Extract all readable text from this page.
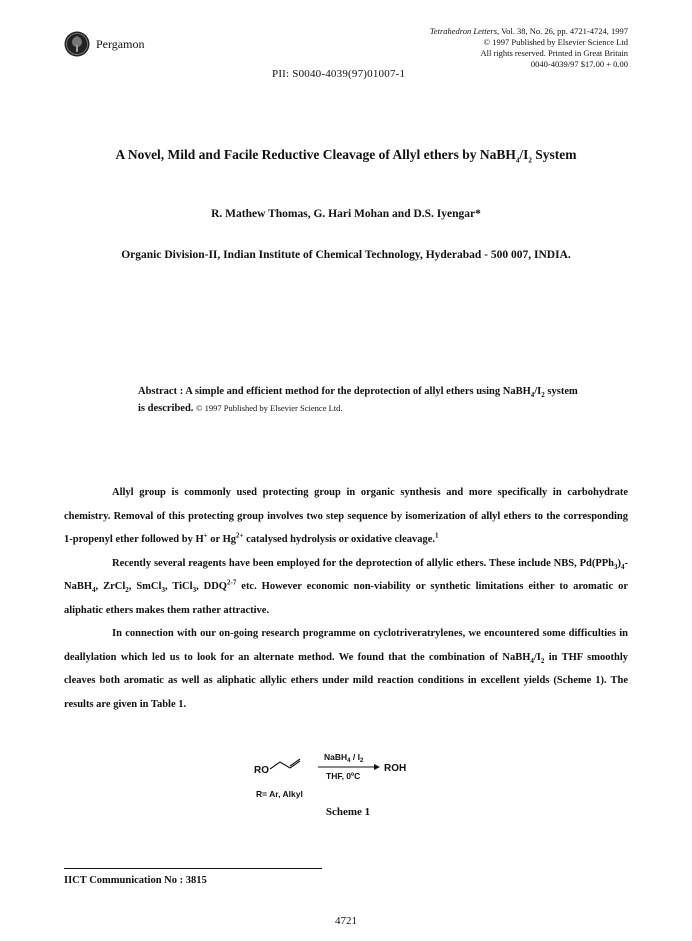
Pergamon
PII: S0040-4039(97)01007-1
Tetrahedron Letters, Vol. 38, No. 26, pp. 4721-4724, 1997
© 1997 Published by Elsevier Science Ltd
All rights reserved. Printed in Great Britain
0040-4039/97 $17.00 + 0.00
A Novel, Mild and Facile Reductive Cleavage of Allyl ethers by $NaBH_4/I_2$ System
R. Mathew Thomas, G. Hari Mohan and D.S. Iyengar*
Organic Division-II, Indian Institute of Chemical Technology, Hyderabad - 500 007, INDIA.
Abstract : A simple and efficient method for the deprotection of allyl ethers using $NaBH_4/I_2$ system is described. © 1997 Published by Elsevier Science Ltd.

Allyl group is commonly used protecting group in organic synthesis and more specifically in carbohydrate chemistry. Removal of this protecting group involves two step sequence by isomerization of allyl ethers to the corresponding 1-propenyl ether followed by H+ or $Hg^{2+}$ catalysed hydrolysis or oxidative cleavage.$^1$

Recently several reagents have been employed for the deprotection of allylic ethers. These include NBS, $Pd(PPh_3)_4-NaBH_4$, ZrCl$_2$, SmCl$_3$, TiCl$_3$, DDQ$^{2-7}$ etc. However economic non-viability or synthetic limitations either to aromatic or aliphatic ethers makes them rather attractive.

In connection with our on-going research programme on cyclotriveratrylenes, we encountered some difficulties in deallylation which led us to look for an alternate method. We found that the combination of $NaBH_4/I_2$ in THF smoothly cleaves both aromatic as well as aliphatic allylic ethers under mild reaction conditions in excellent yields (Scheme 1). The results are given in Table 1.

RO
NaBH$_4$ / $I_2$
THF, 0ºC
ROH
R= Ar, Alkyl
Scheme 1
IICT Communication No : 3815
4721
